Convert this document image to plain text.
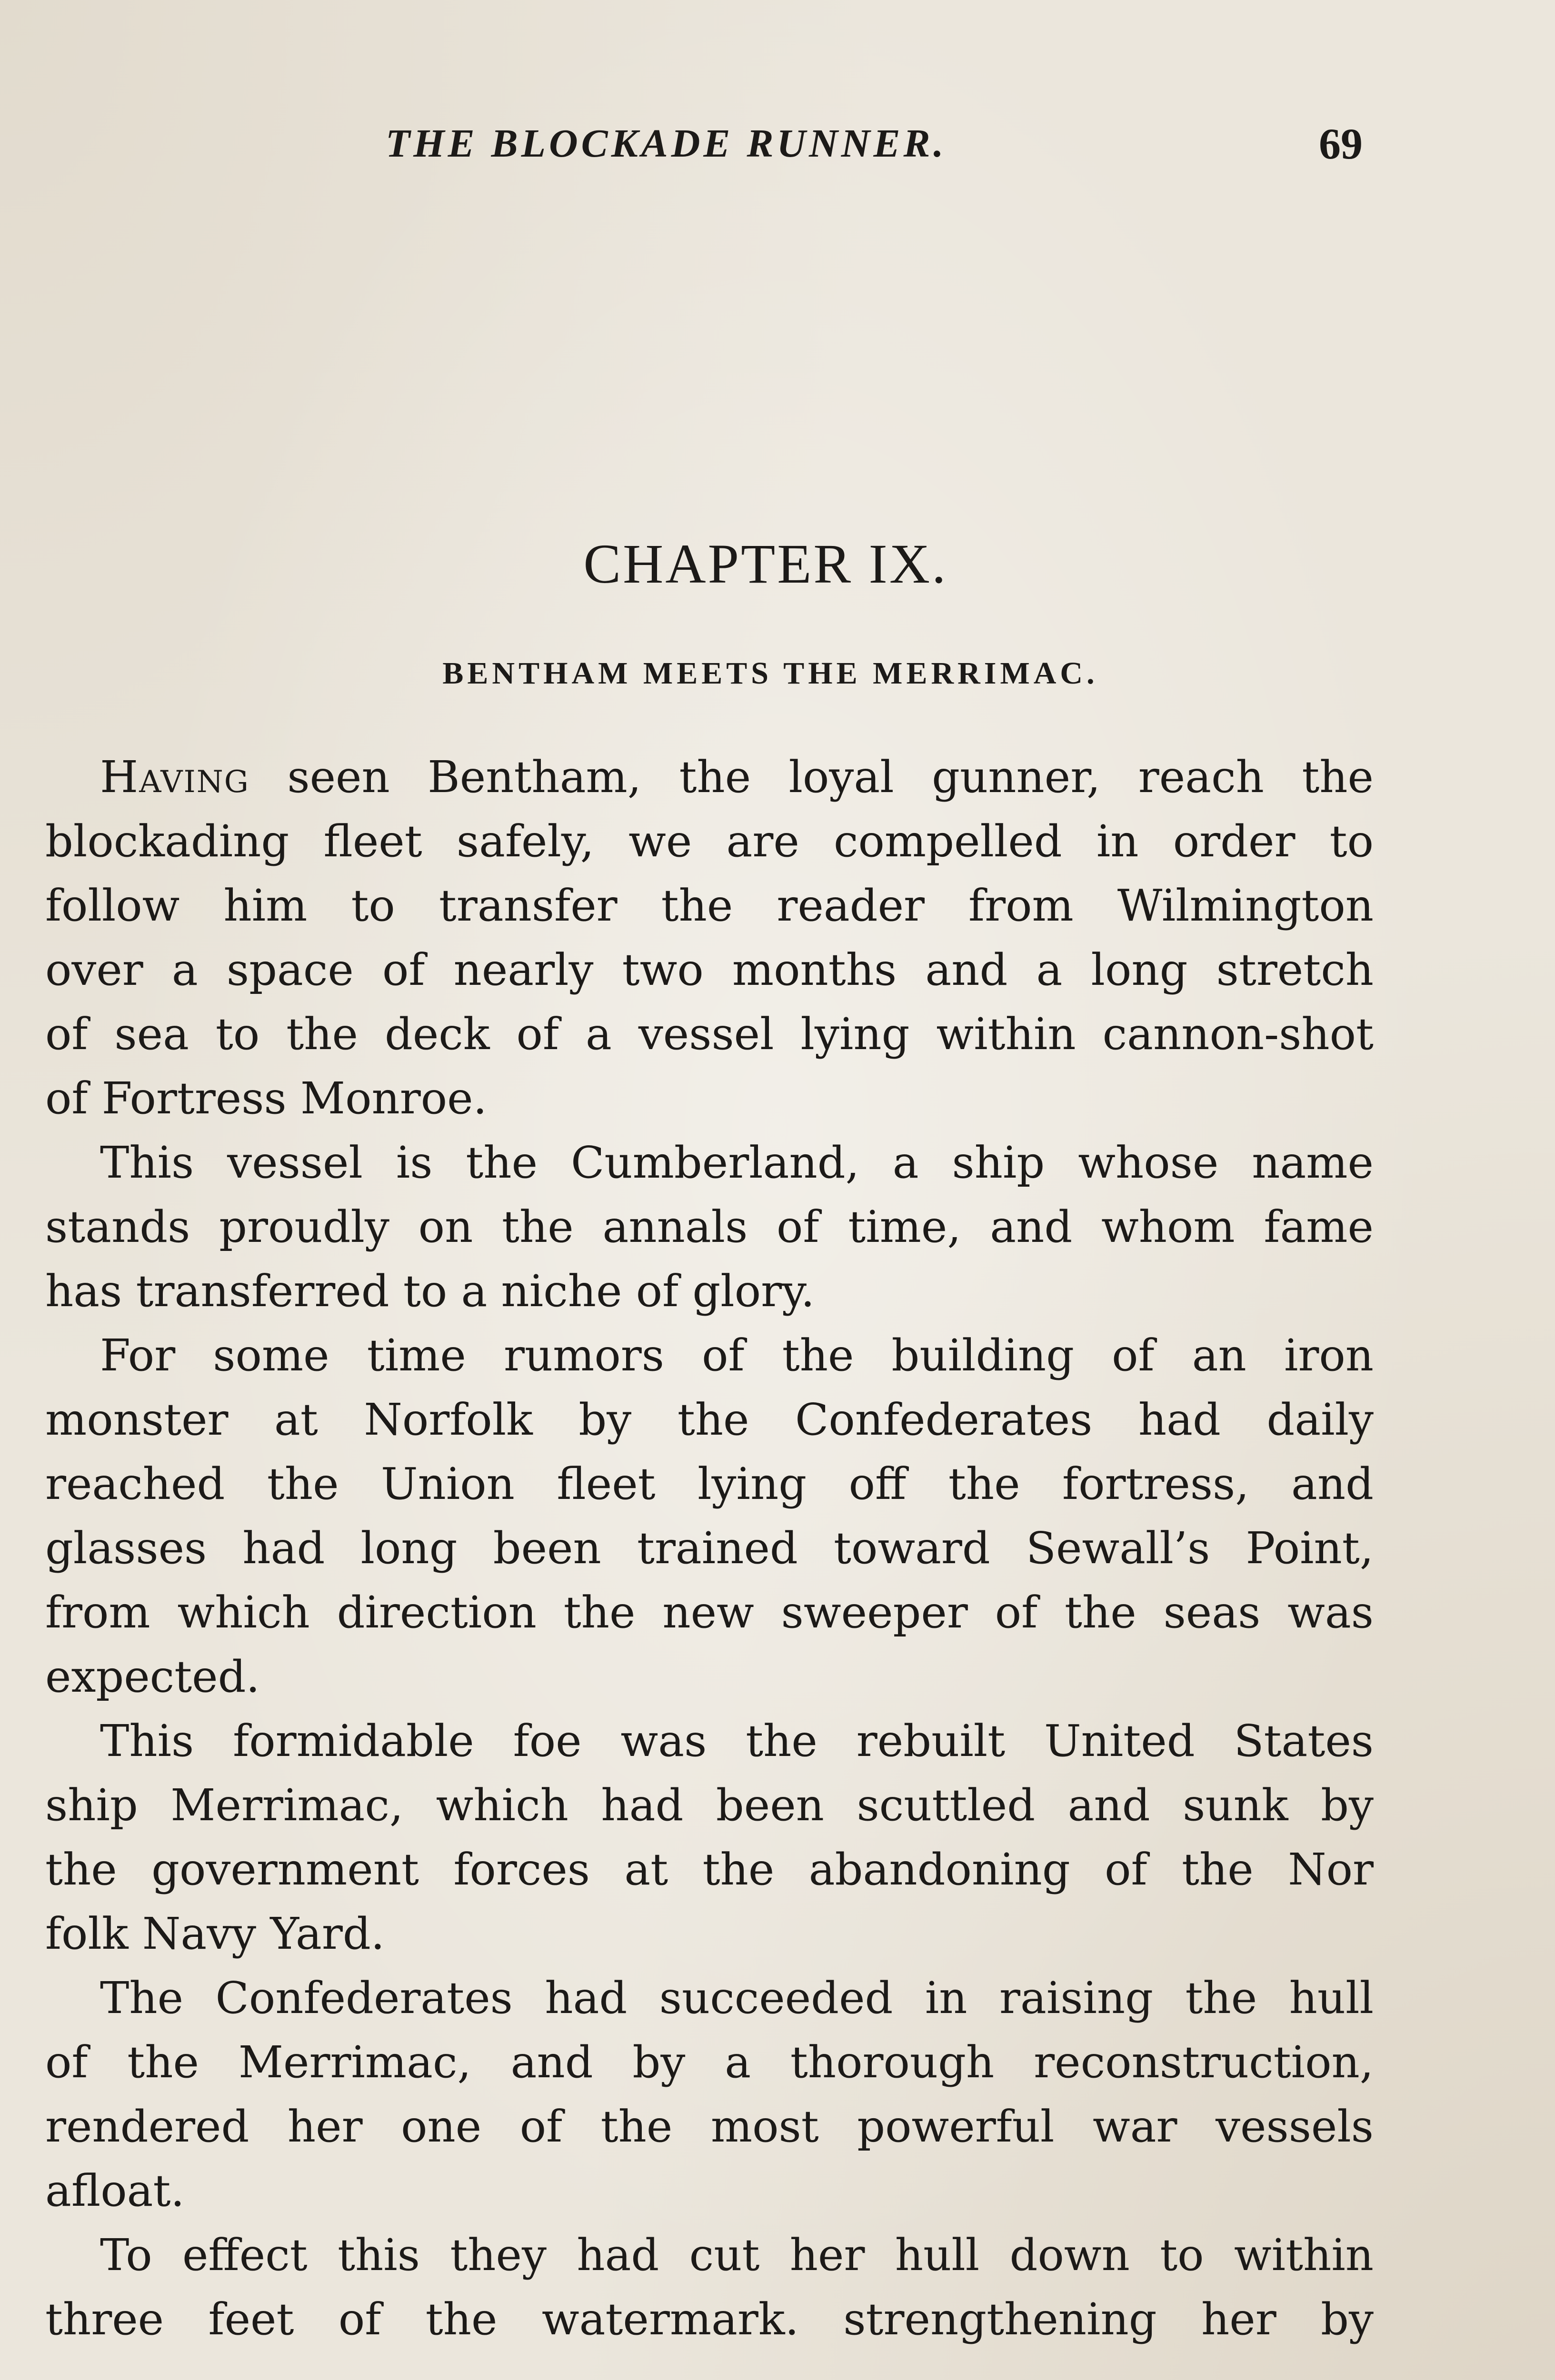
THE BLOCKADE RUNNER.	69
CHAPTER IX.
BENTHAM MEETS THE MERRIMAC.
Having seen Bentham, the loyal gunner, reach the
blockading fleet safely, we are compelled in order to
follow him to transfer the reader from Wilmington
over a space of nearly two months and a long stretch
of sea to the deck of a vessel lying within cannon-shot
of Fortress Monroe.
This vessel is the Cumberland, a ship whose name
stands proudly on the annals of time, and whom fame
has transferred to a niche of glory.
For some time rumors of the building of an iron
monster at Norfolk by the Confederates had daily
reached the Union fleet lying off the fortress, and
glasses had long been trained toward Sewall’s Point,
from which direction the new sweeper of the seas was
expected.
This formidable foe was the rebuilt United States
ship Merrimac, which had been scuttled and sunk by
the government forces at the abandoning of the Nor
folk Navy Yard.
The Confederates had succeeded in raising the hull
of the Merrimac, and by a thorough reconstruction,
rendered her one of the most powerful war vessels
afloat.
To effect this they had cut her hull down to within
three feet of the watermark. strengthening her by
